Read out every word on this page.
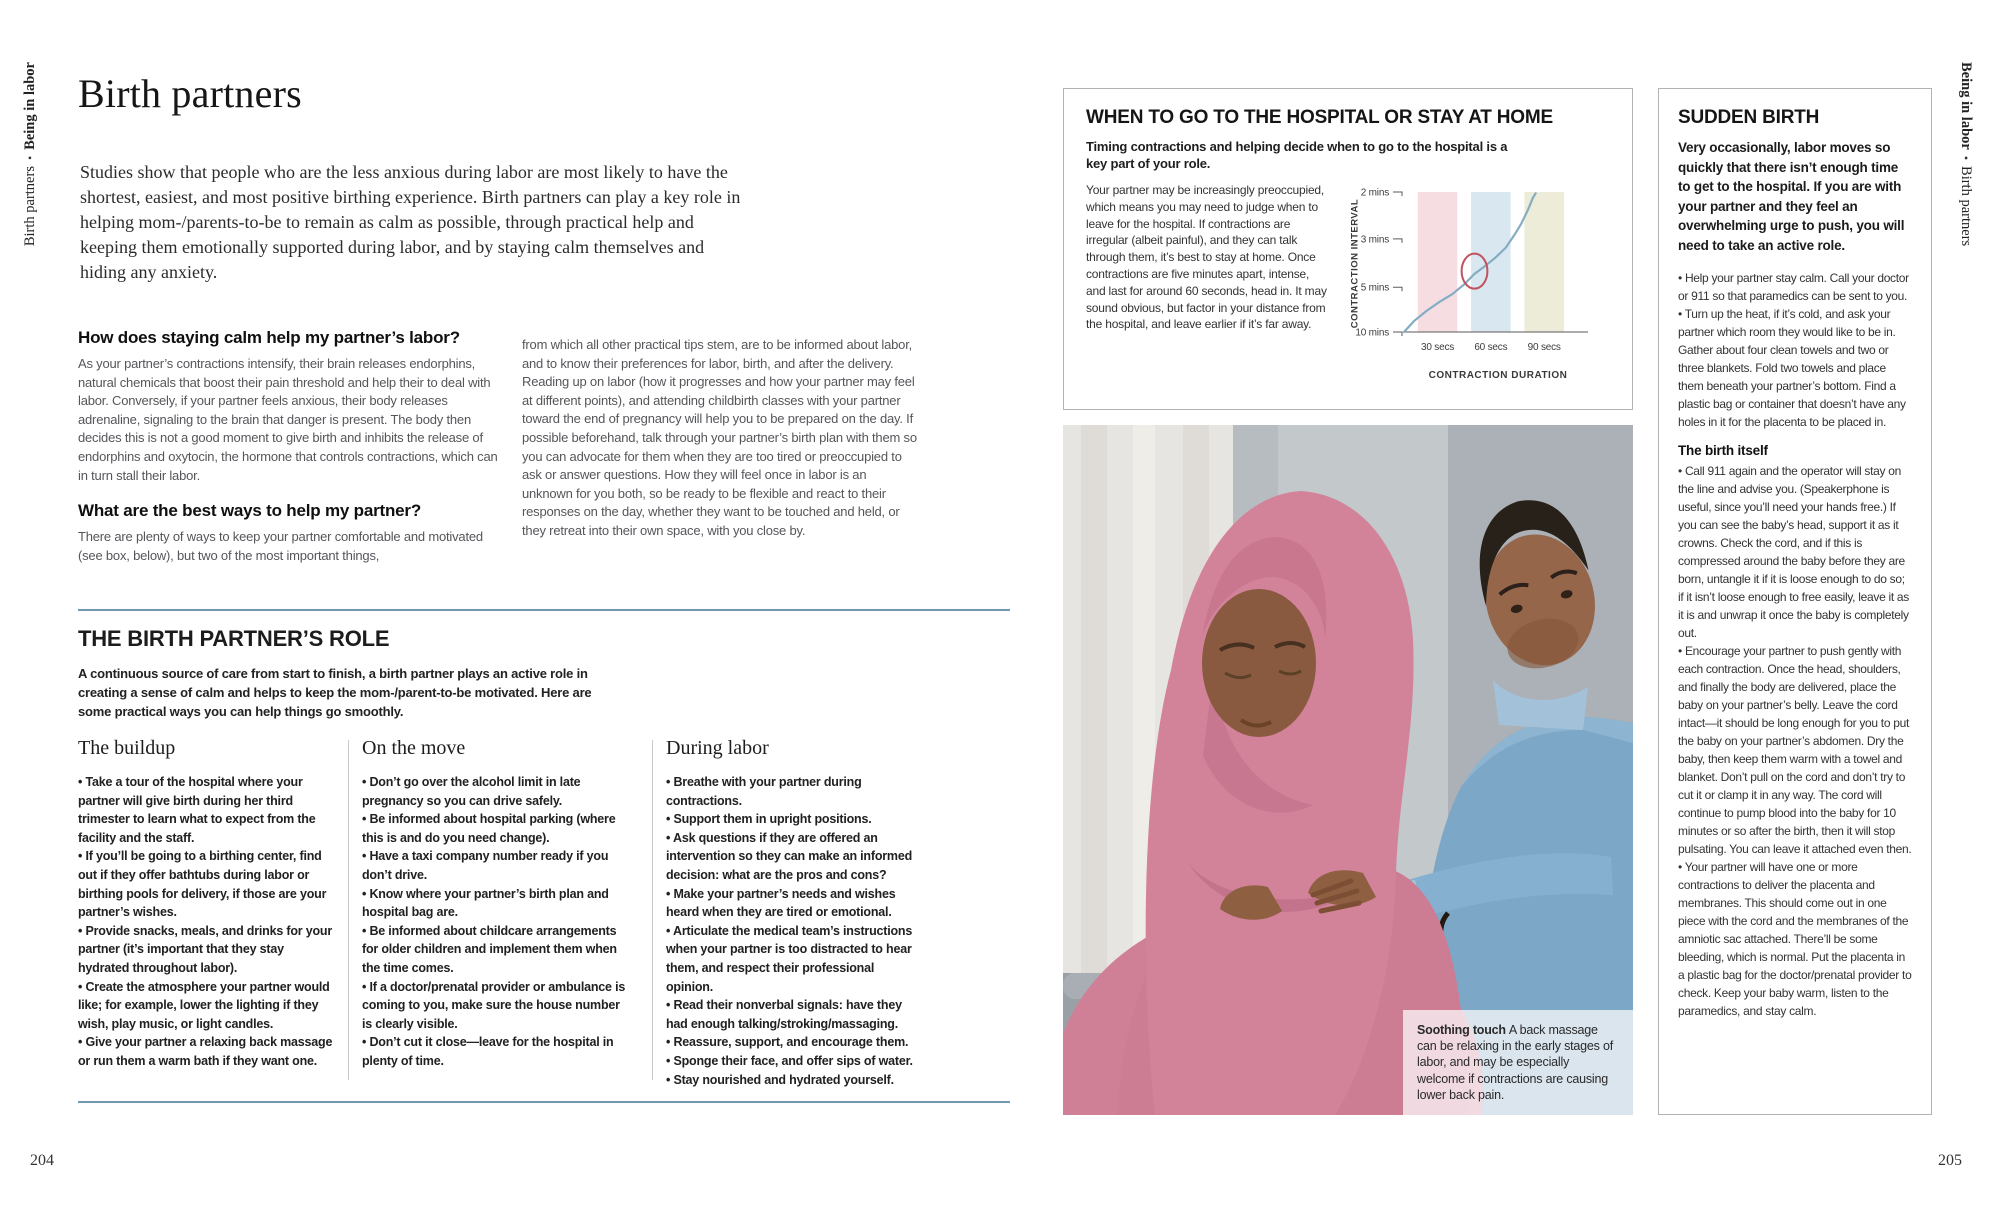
Birth partners•Being in labor Birth partners

Studies show that people who are the less anxious during labor are most likely to have the shortest, easiest, and most positive birthing experience. Birth partners can play a key role in helping mom-/parents-to-be to remain as calm as possible, through practical help and keeping them emotionally supported during labor, and by staying calm themselves and hiding any anxiety.

How does staying calm help my partner’s labor?

As your partner’s contractions intensify, their brain releases endorphins, natural chemicals that boost their pain threshold and help their to deal with labor. Conversely, if your partner feels anxious, their body releases adrenaline, signaling to the brain that danger is present. The body then decides this is not a good moment to give birth and inhibits the release of endorphins and oxytocin, the hormone that controls contractions, which can in turn stall their labor.

What are the best ways to help my partner?

There are plenty of ways to keep your partner comfortable and motivated (see box, below), but two of the most important things,

from which all other practical tips stem, are to be informed about labor, and to know their preferences for labor, birth, and after the delivery. Reading up on labor (how it progresses and how your partner may feel at different points), and attending childbirth classes with your partner toward the end of pregnancy will help you to be prepared on the day. If possible beforehand, talk through your partner’s birth plan with them so you can advocate for them when they are too tired or preoccupied to ask or answer questions. How they will feel once in labor is an unknown for you both, so be ready to be flexible and react to their responses on the day, whether they want to be touched and held, or they retreat into their own space, with you close by.

THE BIRTH PARTNER’S ROLE

A continuous source of care from start to finish, a birth partner plays an active role in creating a sense of calm and helps to keep the mom-/parent-to-be motivated. Here are some practical ways you can help things go smoothly.

The buildup
• Take a tour of the hospital where your partner will give birth during her third trimester to learn what to expect from the facility and the staff.
• If you’ll be going to a birthing center, find out if they offer bathtubs during labor or birthing pools for delivery, if those are your partner’s wishes.
• Provide snacks, meals, and drinks for your partner (it’s important that they stay hydrated throughout labor).
• Create the atmosphere your partner would like; for example, lower the lighting if they wish, play music, or light candles.
• Give your partner a relaxing back massage or run them a warm bath if they want one.
On the move
• Don’t go over the alcohol limit in late pregnancy so you can drive safely.
• Be informed about hospital parking (where this is and do you need change).
• Have a taxi company number ready if you don’t drive.
• Know where your partner’s birth plan and hospital bag are.
• Be informed about childcare arrangements for older children and implement them when the time comes.
• If a doctor/prenatal provider or ambulance is coming to you, make sure the house number is clearly visible.
• Don’t cut it close—leave for the hospital in plenty of time.
During labor
• Breathe with your partner during contractions.
• Support them in upright positions.
• Ask questions if they are offered an intervention so they can make an informed decision: what are the pros and cons?
• Make your partner’s needs and wishes heard when they are tired or emotional.
• Articulate the medical team’s instructions when your partner is too distracted to hear them, and respect their professional opinion.
• Read their nonverbal signals: have they had enough talking/stroking/massaging.
• Reassure, support, and encourage them.
• Sponge their face, and offer sips of water.
• Stay nourished and hydrated yourself.
204
WHEN TO GO TO THE HOSPITAL OR STAY AT HOME

Timing contractions and helping decide when to go to the hospital is a key part of your role.

Your partner may be increasingly preoccupied, which means you may need to judge when to leave for the hospital. If contractions are irregular (albeit painful), and they can talk through them, it’s best to stay at home. Once contractions are five minutes apart, intense, and last for around 60 seconds, head in. It may sound obvious, but factor in your distance from the hospital, and leave earlier if it’s far away.	CONTRACTION INTERVAL
2 mins
3 mins
5 mins
10 mins
30 secs 60 secs 90 secs
CONTRACTION DURATION
Soothing touch A back massage can be relaxing in the early stages of labor, and may be especially welcome if contractions are causing lower back pain.
SUDDEN BIRTH

Very occasionally, labor moves so quickly that there isn’t enough time to get to the hospital. If you are with your partner and they feel an overwhelming urge to push, you will need to take an active role.

• Help your partner stay calm. Call your doctor or 911 so that paramedics can be sent to you.
• Turn up the heat, if it’s cold, and ask your partner which room they would like to be in. Gather about four clean towels and two or three blankets. Fold two towels and place them beneath your partner’s bottom. Find a plastic bag or container that doesn’t have any holes in it for the placenta to be placed in.
The birth itself
• Call 911 again and the operator will stay on the line and advise you. (Speakerphone is useful, since you’ll need your hands free.) If you can see the baby’s head, support it as it crowns. Check the cord, and if this is compressed around the baby before they are born, untangle it if it is loose enough to do so; if it isn’t loose enough to free easily, leave it as it is and unwrap it once the baby is completely out.
• Encourage your partner to push gently with each contraction. Once the head, shoulders, and finally the body are delivered, place the baby on your partner’s belly. Leave the cord intact—it should be long enough for you to put the baby on your partner’s abdomen. Dry the baby, then keep them warm with a towel and blanket. Don’t pull on the cord and don’t try to cut it or clamp it in any way. The cord will continue to pump blood into the baby for 10 minutes or so after the birth, then it will stop pulsating. You can leave it attached even then.
• Your partner will have one or more contractions to deliver the placenta and membranes. This should come out in one piece with the cord and the membranes of the amniotic sac attached. There’ll be some bleeding, which is normal. Put the placenta in a plastic bag for the doctor/prenatal provider to check. Keep your baby warm, listen to the paramedics, and stay calm.
Being in labor•Birth partners
205
